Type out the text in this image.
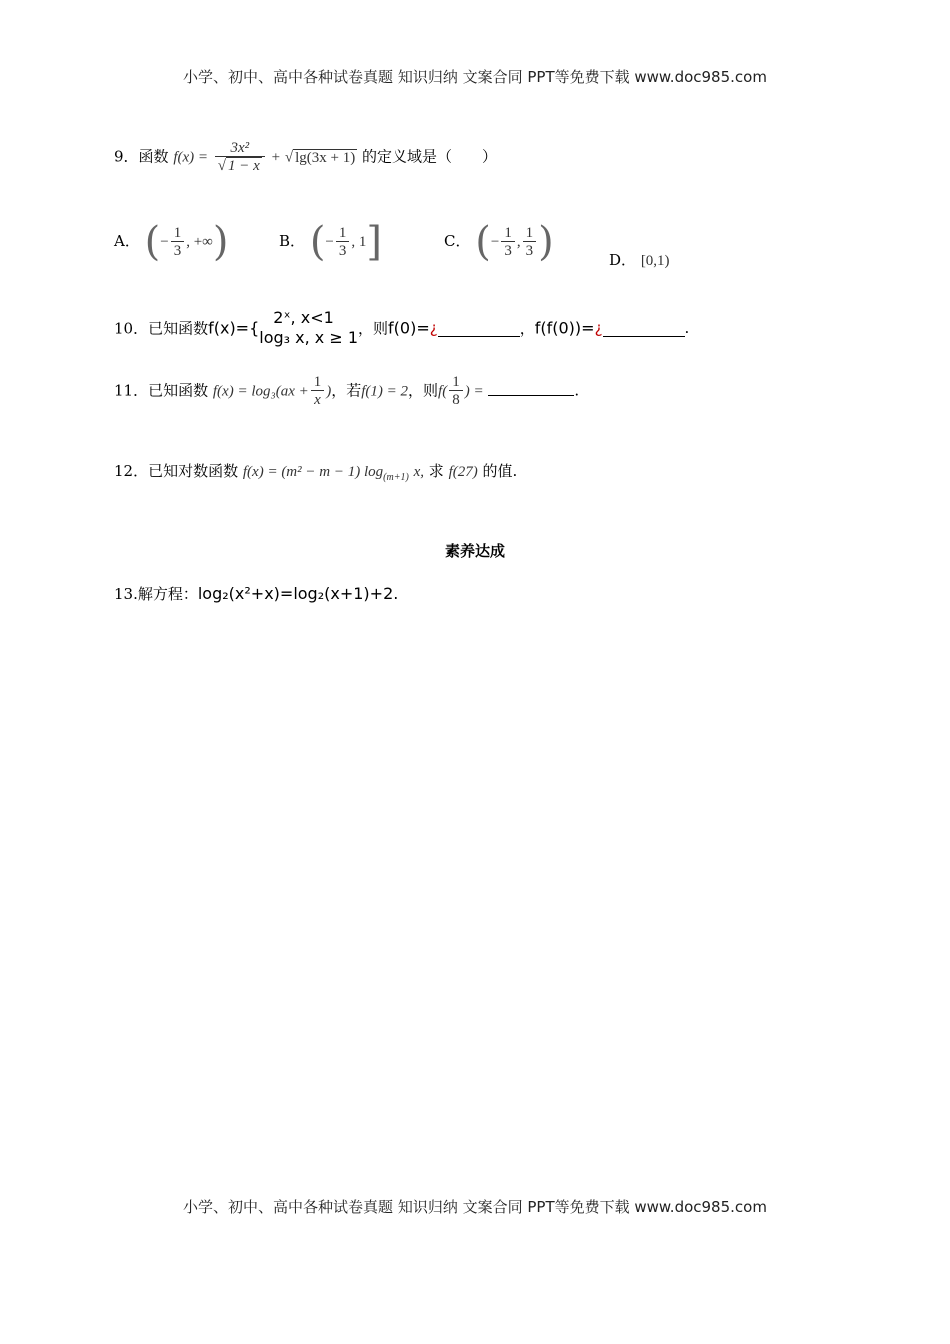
小学、初中、高中各种试卷真题 知识归纳 文案合同 PPT等免费下载 www.doc985.com
9．函数 $f(x) = \frac{\text{3x²}}{√ 1 - x}$ + √ lg(3x + 1) 的定义域是（　　）
A． (− $\frac{1}{3}$ , +∞)	B． (− $\frac{1}{3}$ , 1]	C． (− $\frac{1}{3}$ , $\frac{1}{3}$ )	D． [0,1)
10．已知函数f(x)={
2ˣ, x<1
log₃ x, x ≥ 1 ，则f(0)=¿	，f(f(0))=¿	.
11．已知函数 $f(x) = \log_3(ax + \frac{1}{x}$ )，若f(1) = 2，则$f( \frac{1}{8}$ ) =	.
12．已知对数函数 f(x) = (m² − m − 1) $\log_{(m+1)} x$, 求 f(27) 的值.
素养达成
13.解方程：log₂(x²+x)=log₂(x+1)+2.
小学、初中、高中各种试卷真题 知识归纳 文案合同 PPT等免费下载 www.doc985.com
